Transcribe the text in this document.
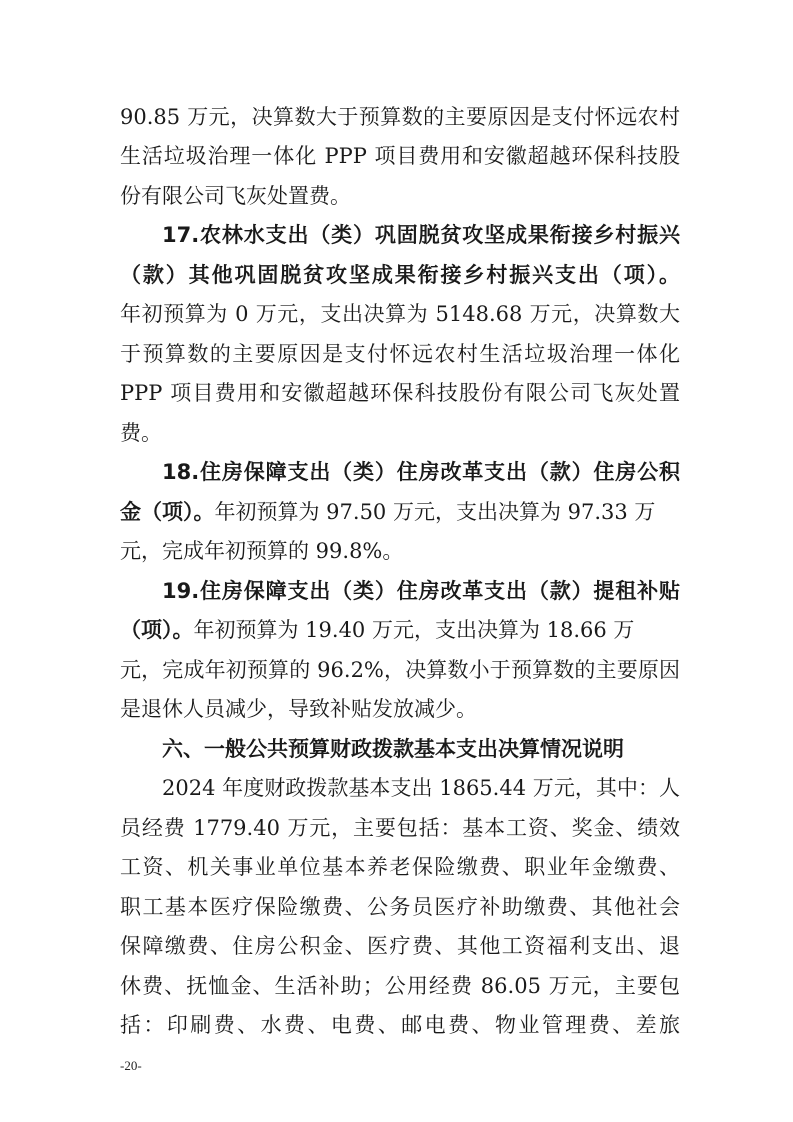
90.85 万元，决算数大于预算数的主要原因是支付怀远农村
生活垃圾治理一体化 PPP 项目费用和安徽超越环保科技股
份有限公司飞灰处置费。
17.农林水支出（类）巩固脱贫攻坚成果衔接乡村振兴
（款）其他巩固脱贫攻坚成果衔接乡村振兴支出（项）。
年初预算为 0 万元，支出决算为 5148.68 万元，决算数大
于预算数的主要原因是支付怀远农村生活垃圾治理一体化
PPP 项目费用和安徽超越环保科技股份有限公司飞灰处置
费。
18.住房保障支出（类）住房改革支出（款）住房公积
金（项）。年初预算为 97.50 万元，支出决算为 97.33 万
元，完成年初预算的 99.8%。
19.住房保障支出（类）住房改革支出（款）提租补贴
（项）。年初预算为 19.40 万元，支出决算为 18.66 万
元，完成年初预算的 96.2%，决算数小于预算数的主要原因
是退休人员减少，导致补贴发放减少。
六、一般公共预算财政拨款基本支出决算情况说明
2024 年度财政拨款基本支出 1865.44 万元，其中：人
员经费 1779.40 万元，主要包括：基本工资、奖金、绩效
工资、机关事业单位基本养老保险缴费、职业年金缴费、
职工基本医疗保险缴费、公务员医疗补助缴费、其他社会
保障缴费、住房公积金、医疗费、其他工资福利支出、退
休费、抚恤金、生活补助；公用经费 86.05 万元，主要包
括：印刷费、水费、电费、邮电费、物业管理费、差旅
-20-
